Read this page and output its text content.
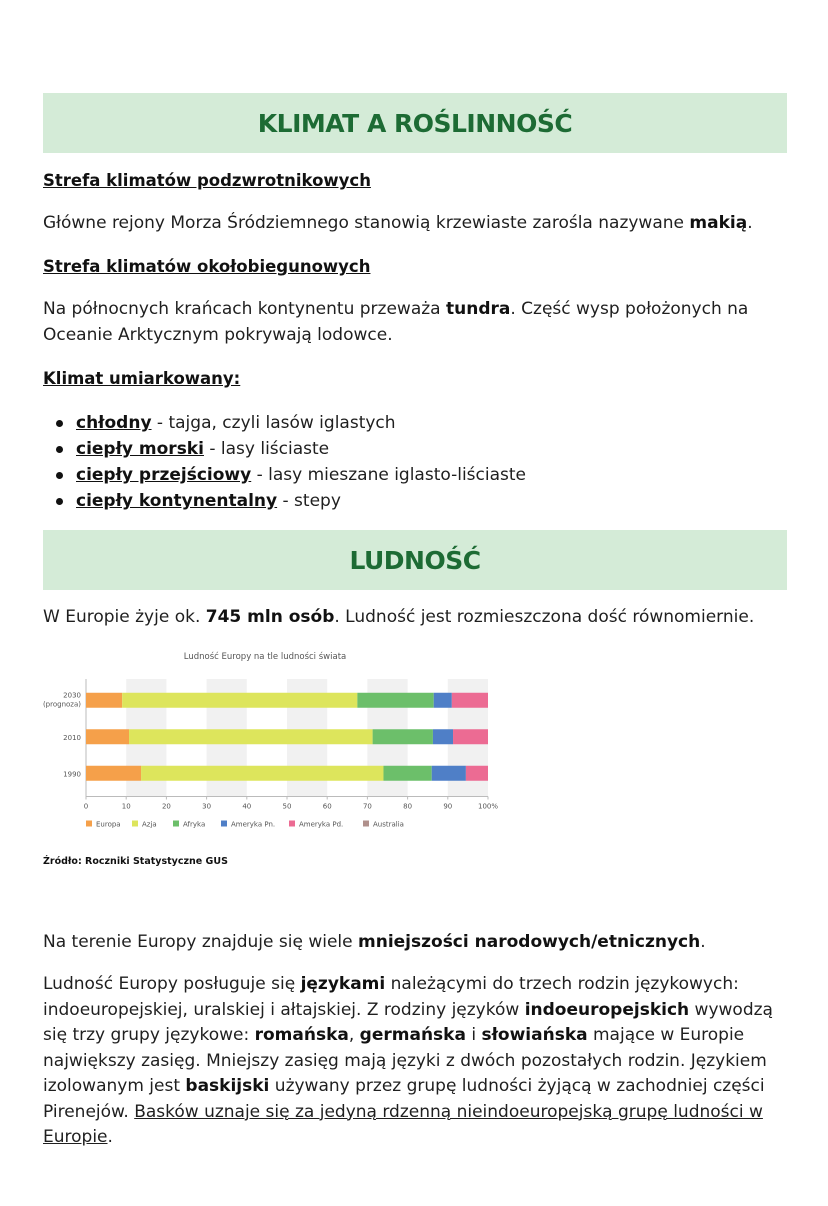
KLIMAT A ROŚLINNOŚĆ

Strefa klimatów podzwrotnikowych

Główne rejony Morza Śródziemnego stanowią krzewiaste zarośla nazywane makią.

Strefa klimatów okołobiegunowych

Na północnych krańcach kontynentu przeważa tundra. Część wysp położonych na Oceanie Arktycznym pokrywają lodowce.

Klimat umiarkowany:

chłodny - tajga, czyli lasów iglastych
ciepły morski - lasy liściaste
ciepły przejściowy - lasy mieszane iglasto-liściaste
ciepły kontynentalny - stepy
LUDNOŚĆ

W Europie żyje ok. 745 mln osób. Ludność jest rozmieszczona dość równomiernie.

Ludność Europy na tle ludności świata
2030
(prognoza)
2010
1990
0	10	20	30	40	50	60	70	80	90	100%
Europa	Azja	Afryka	Ameryka Pn.	Ameryka Pd.	Australia

Źródło: Roczniki Statystyczne GUS

Na terenie Europy znajduje się wiele mniejszości narodowych/etnicznych.

Ludność Europy posługuje się językami należącymi do trzech rodzin językowych: indoeuropejskiej, uralskiej i ałtajskiej. Z rodziny języków indoeuropejskich wywodzą się trzy grupy językowe: romańska, germańska i słowiańska mające w Europie największy zasięg. Mniejszy zasięg mają języki z dwóch pozostałych rodzin. Językiem izolowanym jest baskijski używany przez grupę ludności żyjącą w zachodniej części Pirenejów. Basków uznaje się za jedyną rdzenną nieindoeuropejską grupę ludności w Europie.
